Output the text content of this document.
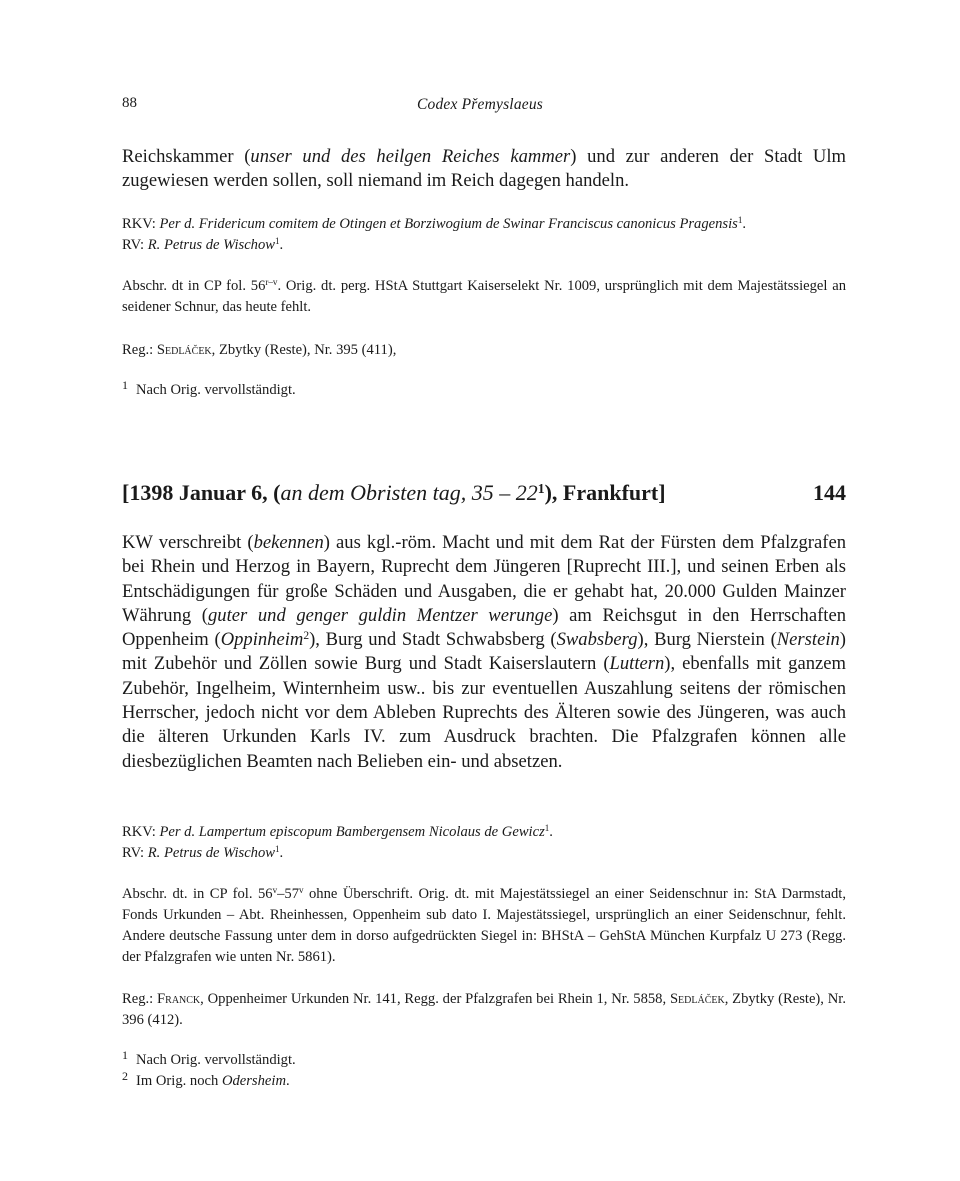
88	Codex Přemyslaeus
Reichskammer (unser und des heilgen Reiches kammer) und zur anderen der Stadt Ulm zugewiesen werden sollen, soll niemand im Reich dagegen handeln.
RKV: Per d. Fridericum comitem de Otingen et Borziwogium de Swinar Franciscus canonicus Pragensis$^1$.
RV: R. Petrus de Wischow$^1$.
Abschr. dt in CP fol. 56$^{r-v}$. Orig. dt. perg. HStA Stuttgart Kaiserselekt Nr. 1009, ursprünglich mit dem Majestätssiegel an seidener Schnur, das heute fehlt.
Reg.: Sedláček, Zbytky (Reste), Nr. 395 (411),
$^1$ Nach Orig. vervollständigt.
[1398 Januar 6, (an dem Obristen tag, $35 - 22^1$), Frankfurt]	144
KW verschreibt (bekennen) aus kgl.-röm. Macht und mit dem Rat der Fürsten dem Pfalzgrafen bei Rhein und Herzog in Bayern, Ruprecht dem Jüngeren [Ruprecht III.], und seinen Erben als Entschädigungen für große Schäden und Ausgaben, die er gehabt hat, 20.000 Gulden Mainzer Währung (guter und genger guldin Mentzer werunge) am Reichsgut in den Herrschaften Oppenheim (Oppinheim$^2$), Burg und Stadt Schwabsberg (Swabsberg), Burg Nierstein (Nerstein) mit Zubehör und Zöllen sowie Burg und Stadt Kaiserslautern (Luttern), ebenfalls mit ganzem Zubehör, Ingelheim, Winternheim usw.. bis zur eventuellen Auszahlung seitens der römischen Herrscher, jedoch nicht vor dem Ableben Ruprechts des Älteren sowie des Jüngeren, was auch die älteren Urkunden Karls IV. zum Ausdruck brachten. Die Pfalzgrafen können alle diesbezüglichen Beamten nach Belieben ein- und absetzen.
RKV: Per d. Lampertum episcopum Bambergensem Nicolaus de Gewicz$^1$.
RV: R. Petrus de Wischow$^1$.
Abschr. dt. in CP fol. 56$^v$–57$^v$ ohne Überschrift. Orig. dt. mit Majestätssiegel an einer Seidenschnur in: StA Darmstadt, Fonds Urkunden – Abt. Rheinhessen, Oppenheim sub dato I. Majestätssiegel, ursprünglich an einer Seidenschnur, fehlt. Andere deutsche Fassung unter dem in dorso aufgedrückten Siegel in: BHStA – GehStA München Kurpfalz U 273 (Regg. der Pfalzgrafen wie unten Nr. 5861).
Reg.: Franck, Oppenheimer Urkunden Nr. 141, Regg. der Pfalzgrafen bei Rhein 1, Nr. 5858, Sedláček, Zbytky (Reste), Nr. 396 (412).
$^1$ Nach Orig. vervollständigt.
$^2$ Im Orig. noch Odersheim.
